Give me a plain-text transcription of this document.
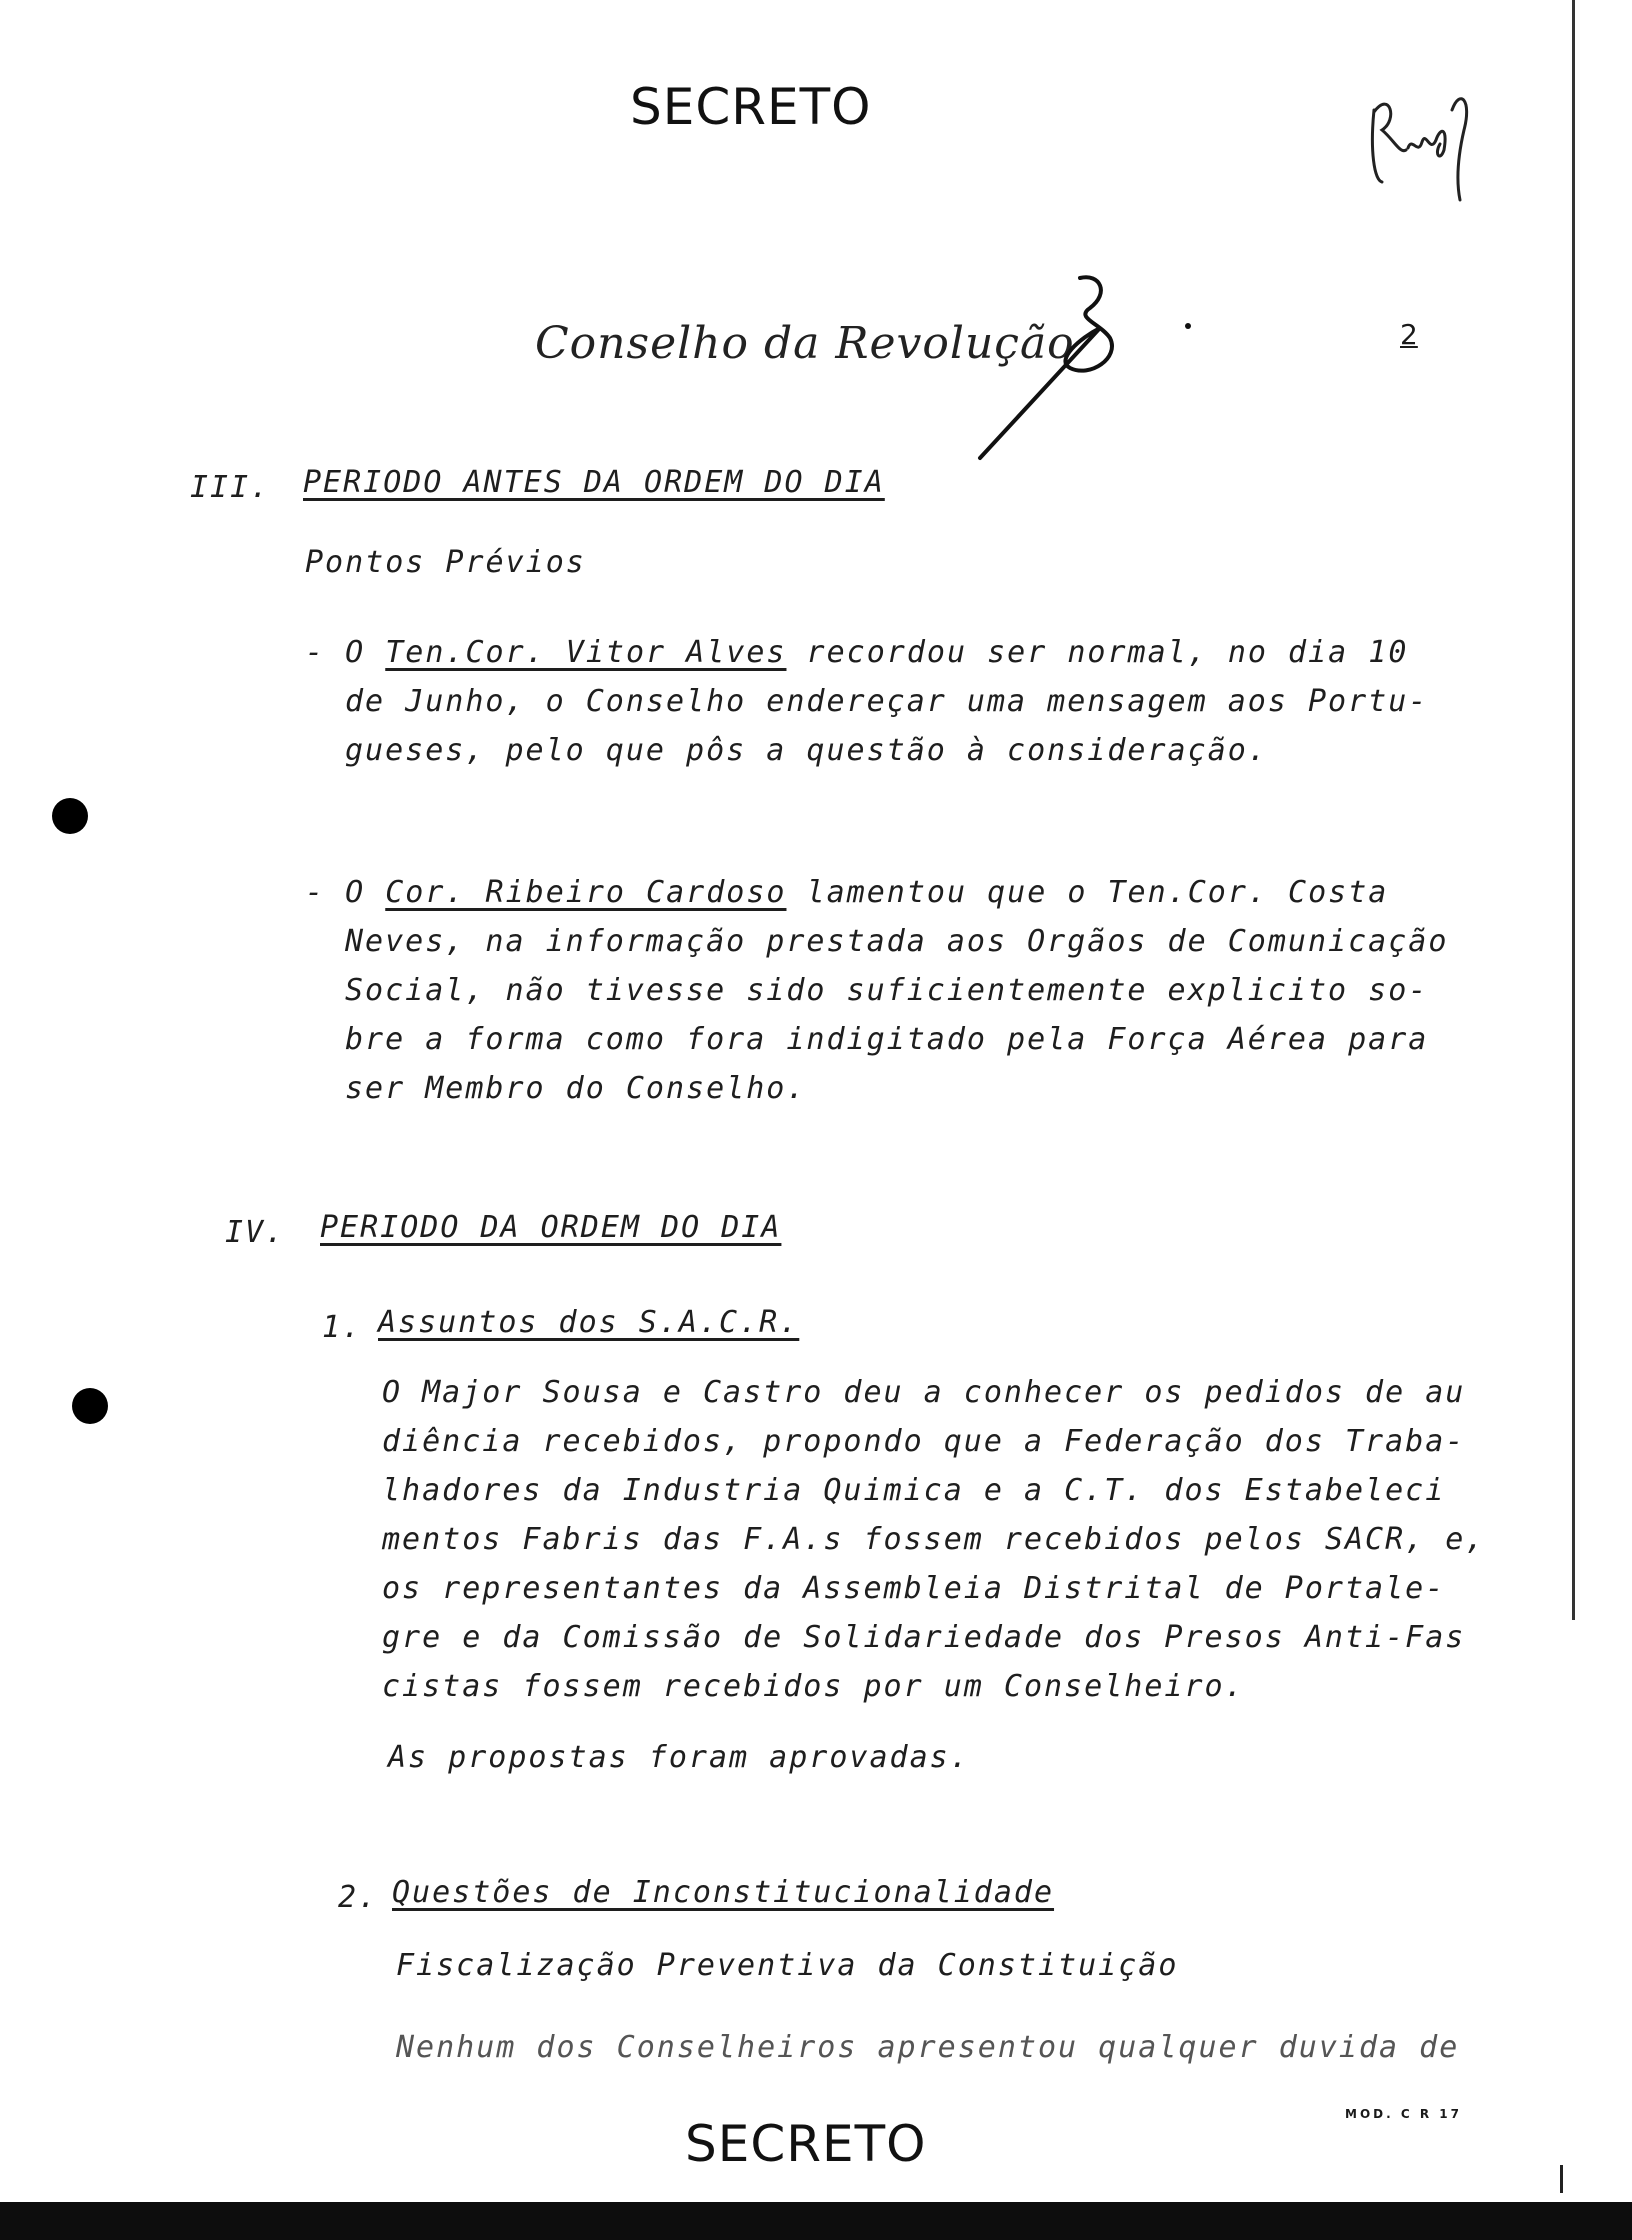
SECRETO
Conselho da Revolução	2
III. PERIODO ANTES DA ORDEM DO DIA
Pontos Prévios
- O Ten.Cor. Vitor Alves recordou ser normal, no dia 10
de Junho, o Conselho endereçar uma mensagem aos Portu-
gueses, pelo que pôs a questão à consideração.
- O Cor. Ribeiro Cardoso lamentou que o Ten.Cor. Costa
Neves, na informação prestada aos Orgãos de Comunicação
Social, não tivesse sido suficientemente explicito so-
bre a forma como fora indigitado pela Força Aérea para
ser Membro do Conselho.
IV. PERIODO DA ORDEM DO DIA
1. Assuntos dos S.A.C.R.
O Major Sousa e Castro deu a conhecer os pedidos de au
diência recebidos, propondo que a Federação dos Traba-
lhadores da Industria Quimica e a C.T. dos Estabeleci
mentos Fabris das F.A.s fossem recebidos pelos SACR, e,
os representantes da Assembleia Distrital de Portale-
gre e da Comissão de Solidariedade dos Presos Anti-Fas
cistas fossem recebidos por um Conselheiro.
As propostas foram aprovadas.
2. Questões de Inconstitucionalidade
Fiscalização Preventiva da Constituição
Nenhum dos Conselheiros apresentou qualquer duvida de
MOD. C R 17
SECRETO
